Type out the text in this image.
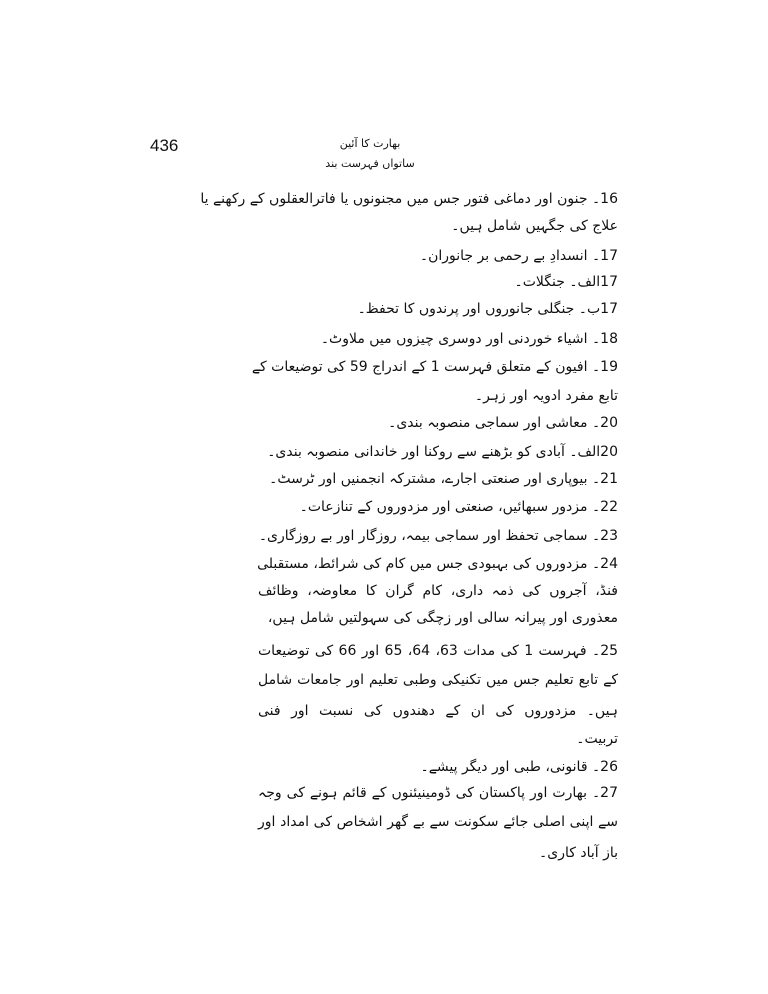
436	بھارت کا آئین
ساتواں فہرست بند
16۔ جنون اور دماغی فتور جس میں مجنونوں یا فاترالعقلوں کے رکھنے یا
علاج کی جگہیں شامل ہیں۔
17۔ انسدادِ بے رحمی بر جانوران۔
17الف۔ جنگلات۔
17ب۔ جنگلی جانوروں اور پرندوں کا تحفظ۔
18۔ اشیاء خوردنی اور دوسری چیزوں میں ملاوٹ۔
19۔ افیون کے متعلق فہرست 1 کے اندراج 59 کی توضیعات کے
تابع مفرد ادویہ اور زہر۔
20۔ معاشی اور سماجی منصوبہ بندی۔
20الف۔ آبادی کو بڑھنے سے روکنا اور خاندانی منصوبہ بندی۔
21۔ بیوپاری اور صنعتی اجارے، مشترکہ انجمنیں اور ٹرسٹ۔
22۔ مزدور سبھائیں، صنعتی اور مزدوروں کے تنازعات۔
23۔ سماجی تحفظ اور سماجی بیمہ، روزگار اور بے روزگاری۔
24۔ مزدوروں کی بہبودی جس میں کام کی شرائط، مستقبلی
فنڈ، آجروں کی ذمہ داری، کام گران کا معاوضہ، وظائف
معذوری اور پیرانہ سالی اور زچگی کی سہولتیں شامل ہیں،
25۔ فہرست 1 کی مدات 63، 64، 65 اور 66 کی توضیعات
کے تابع تعلیم جس میں تکنیکی وطبی تعلیم اور جامعات شامل
ہیں۔ مزدوروں کی ان کے دھندوں کی نسبت اور فنی
تربیت۔
26۔ قانونی، طبی اور دیگر پیشے۔
27۔ بھارت اور پاکستان کی ڈومینیئنوں کے قائم ہونے کی وجہ
سے اپنی اصلی جائے سکونت سے بے گھر اشخاص کی امداد اور
باز آباد کاری۔
